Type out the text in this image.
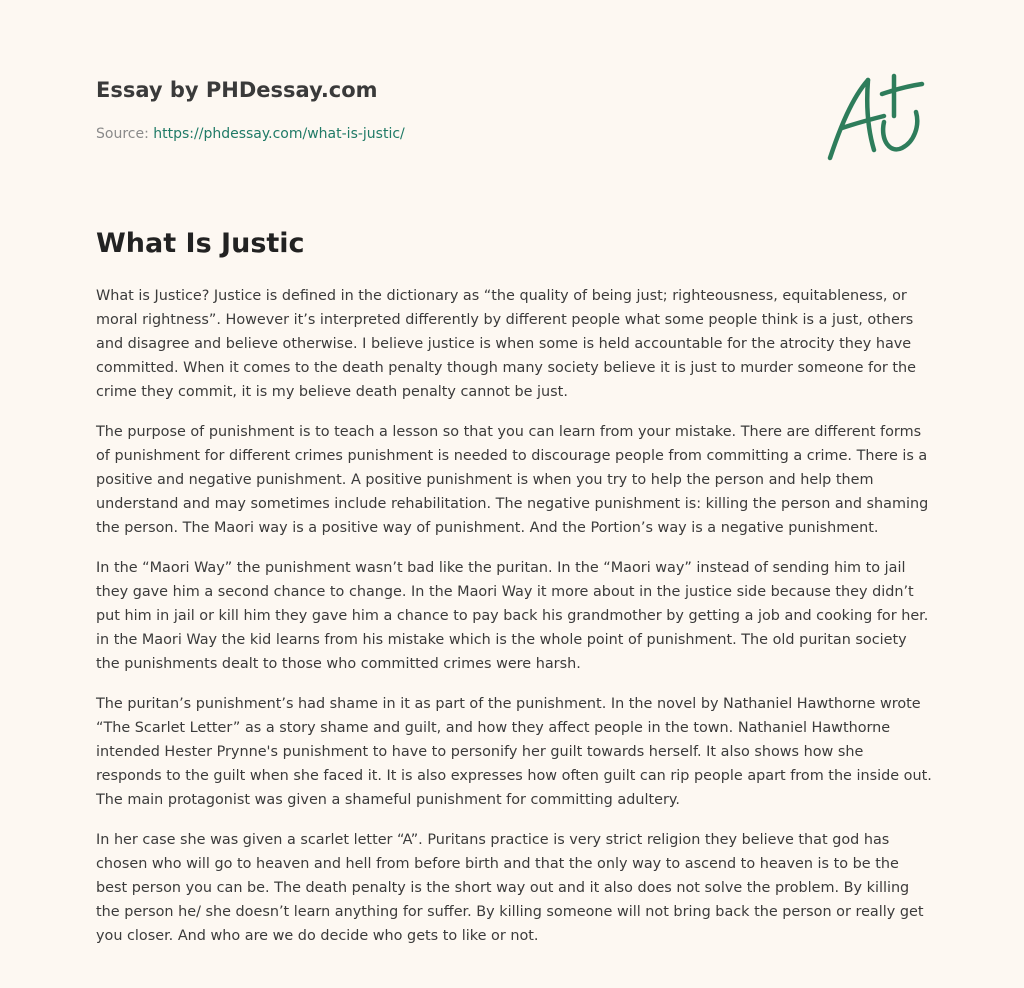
Essay by PHDessay.com
Source: https://phdessay.com/what-is-justic/
What Is Justic

What is Justice? Justice is defined in the dictionary as “the quality of being just; righteousness, equitableness, or moral rightness”. However it’s interpreted differently by different people what some people think is a just, others and disagree and believe otherwise. I believe justice is when some is held accountable for the atrocity they have committed. When it comes to the death penalty though many society believe it is just to murder someone for the crime they commit, it is my believe death penalty cannot be just.

The purpose of punishment is to teach a lesson so that you can learn from your mistake. There are different forms of punishment for different crimes punishment is needed to discourage people from committing a crime. There is a positive and negative punishment. A positive punishment is when you try to help the person and help them understand and may sometimes include rehabilitation. The negative punishment is: killing the person and shaming the person. The Maori way is a positive way of punishment. And the Portion’s way is a negative punishment.

In the “Maori Way” the punishment wasn’t bad like the puritan. In the “Maori way” instead of sending him to jail they gave him a second chance to change. In the Maori Way it more about in the justice side because they didn’t put him in jail or kill him they gave him a chance to pay back his grandmother by getting a job and cooking for her. in the Maori Way the kid learns from his mistake which is the whole point of punishment. The old puritan society the punishments dealt to those who committed crimes were harsh.

The puritan’s punishment’s had shame in it as part of the punishment. In the novel by Nathaniel Hawthorne wrote “The Scarlet Letter” as a story shame and guilt, and how they affect people in the town. Nathaniel Hawthorne intended Hester Prynne's punishment to have to personify her guilt towards herself. It also shows how she responds to the guilt when she faced it. It is also expresses how often guilt can rip people apart from the inside out. The main protagonist was given a shameful punishment for committing adultery.

In her case she was given a scarlet letter “A”. Puritans practice is very strict religion they believe that god has chosen who will go to heaven and hell from before birth and that the only way to ascend to heaven is to be the best person you can be. The death penalty is the short way out and it also does not solve the problem. By killing the person he/ she doesn’t learn anything for suffer. By killing someone will not bring back the person or really get you closer. And who are we do decide who gets to like or not.
